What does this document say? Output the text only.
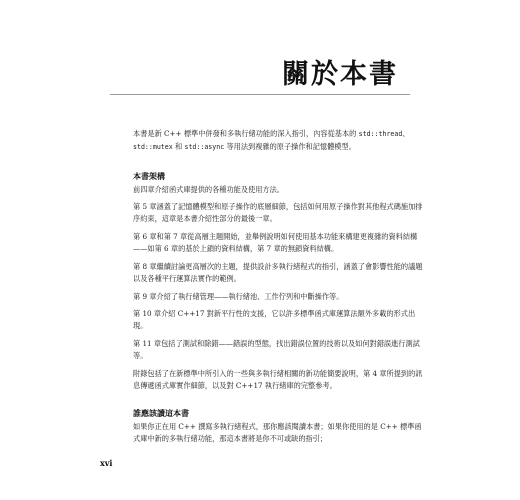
關於本書

本書是新 C++ 標準中併發和多執行緒功能的深入指引，內容從基本的 std::thread、std::mutex 和 std::async 等用法到複雜的原子操作和記憶體模型。

本書架構

前四章介紹函式庫提供的各種功能及使用方法。

第 5 章涵蓋了記憶體模型和原子操作的底層細節，包括如何用原子操作對其他程式碼施加排序約束，這章是本書介紹性部分的最後一章。

第 6 章和第 7 章從高層主題開始，並舉例說明如何使用基本功能來構建更複雜的資料結構——如第 6 章的基於上鎖的資料結構，第 7 章的無鎖資料結構。

第 8 章繼續討論更高層次的主題，提供設計多執行緒程式的指引，涵蓋了會影響性能的議題以及各種平行運算法實作的範例。

第 9 章介紹了執行緒管理——執行緒池、工作佇列和中斷操作等。

第 10 章介紹 C++17 對新平行性的支援，它以許多標準函式庫運算法額外多載的形式出現。

第 11 章包括了測試和除錯——錯誤的型態，找出錯誤位置的技術以及如何對錯誤進行測試等。

附錄包括了在新標準中所引入的一些與多執行緒相關的新功能簡要說明，第 4 章所提到的訊息傳遞函式庫實作細節，以及對 C++17 執行緒庫的完整參考。

誰應該讀這本書

如果你正在用 C++ 撰寫多執行緒程式，那你應該閱讀本書；如果你使用的是 C++ 標準函式庫中新的多執行緒功能，那這本書將是你不可或缺的指引；

xvi
